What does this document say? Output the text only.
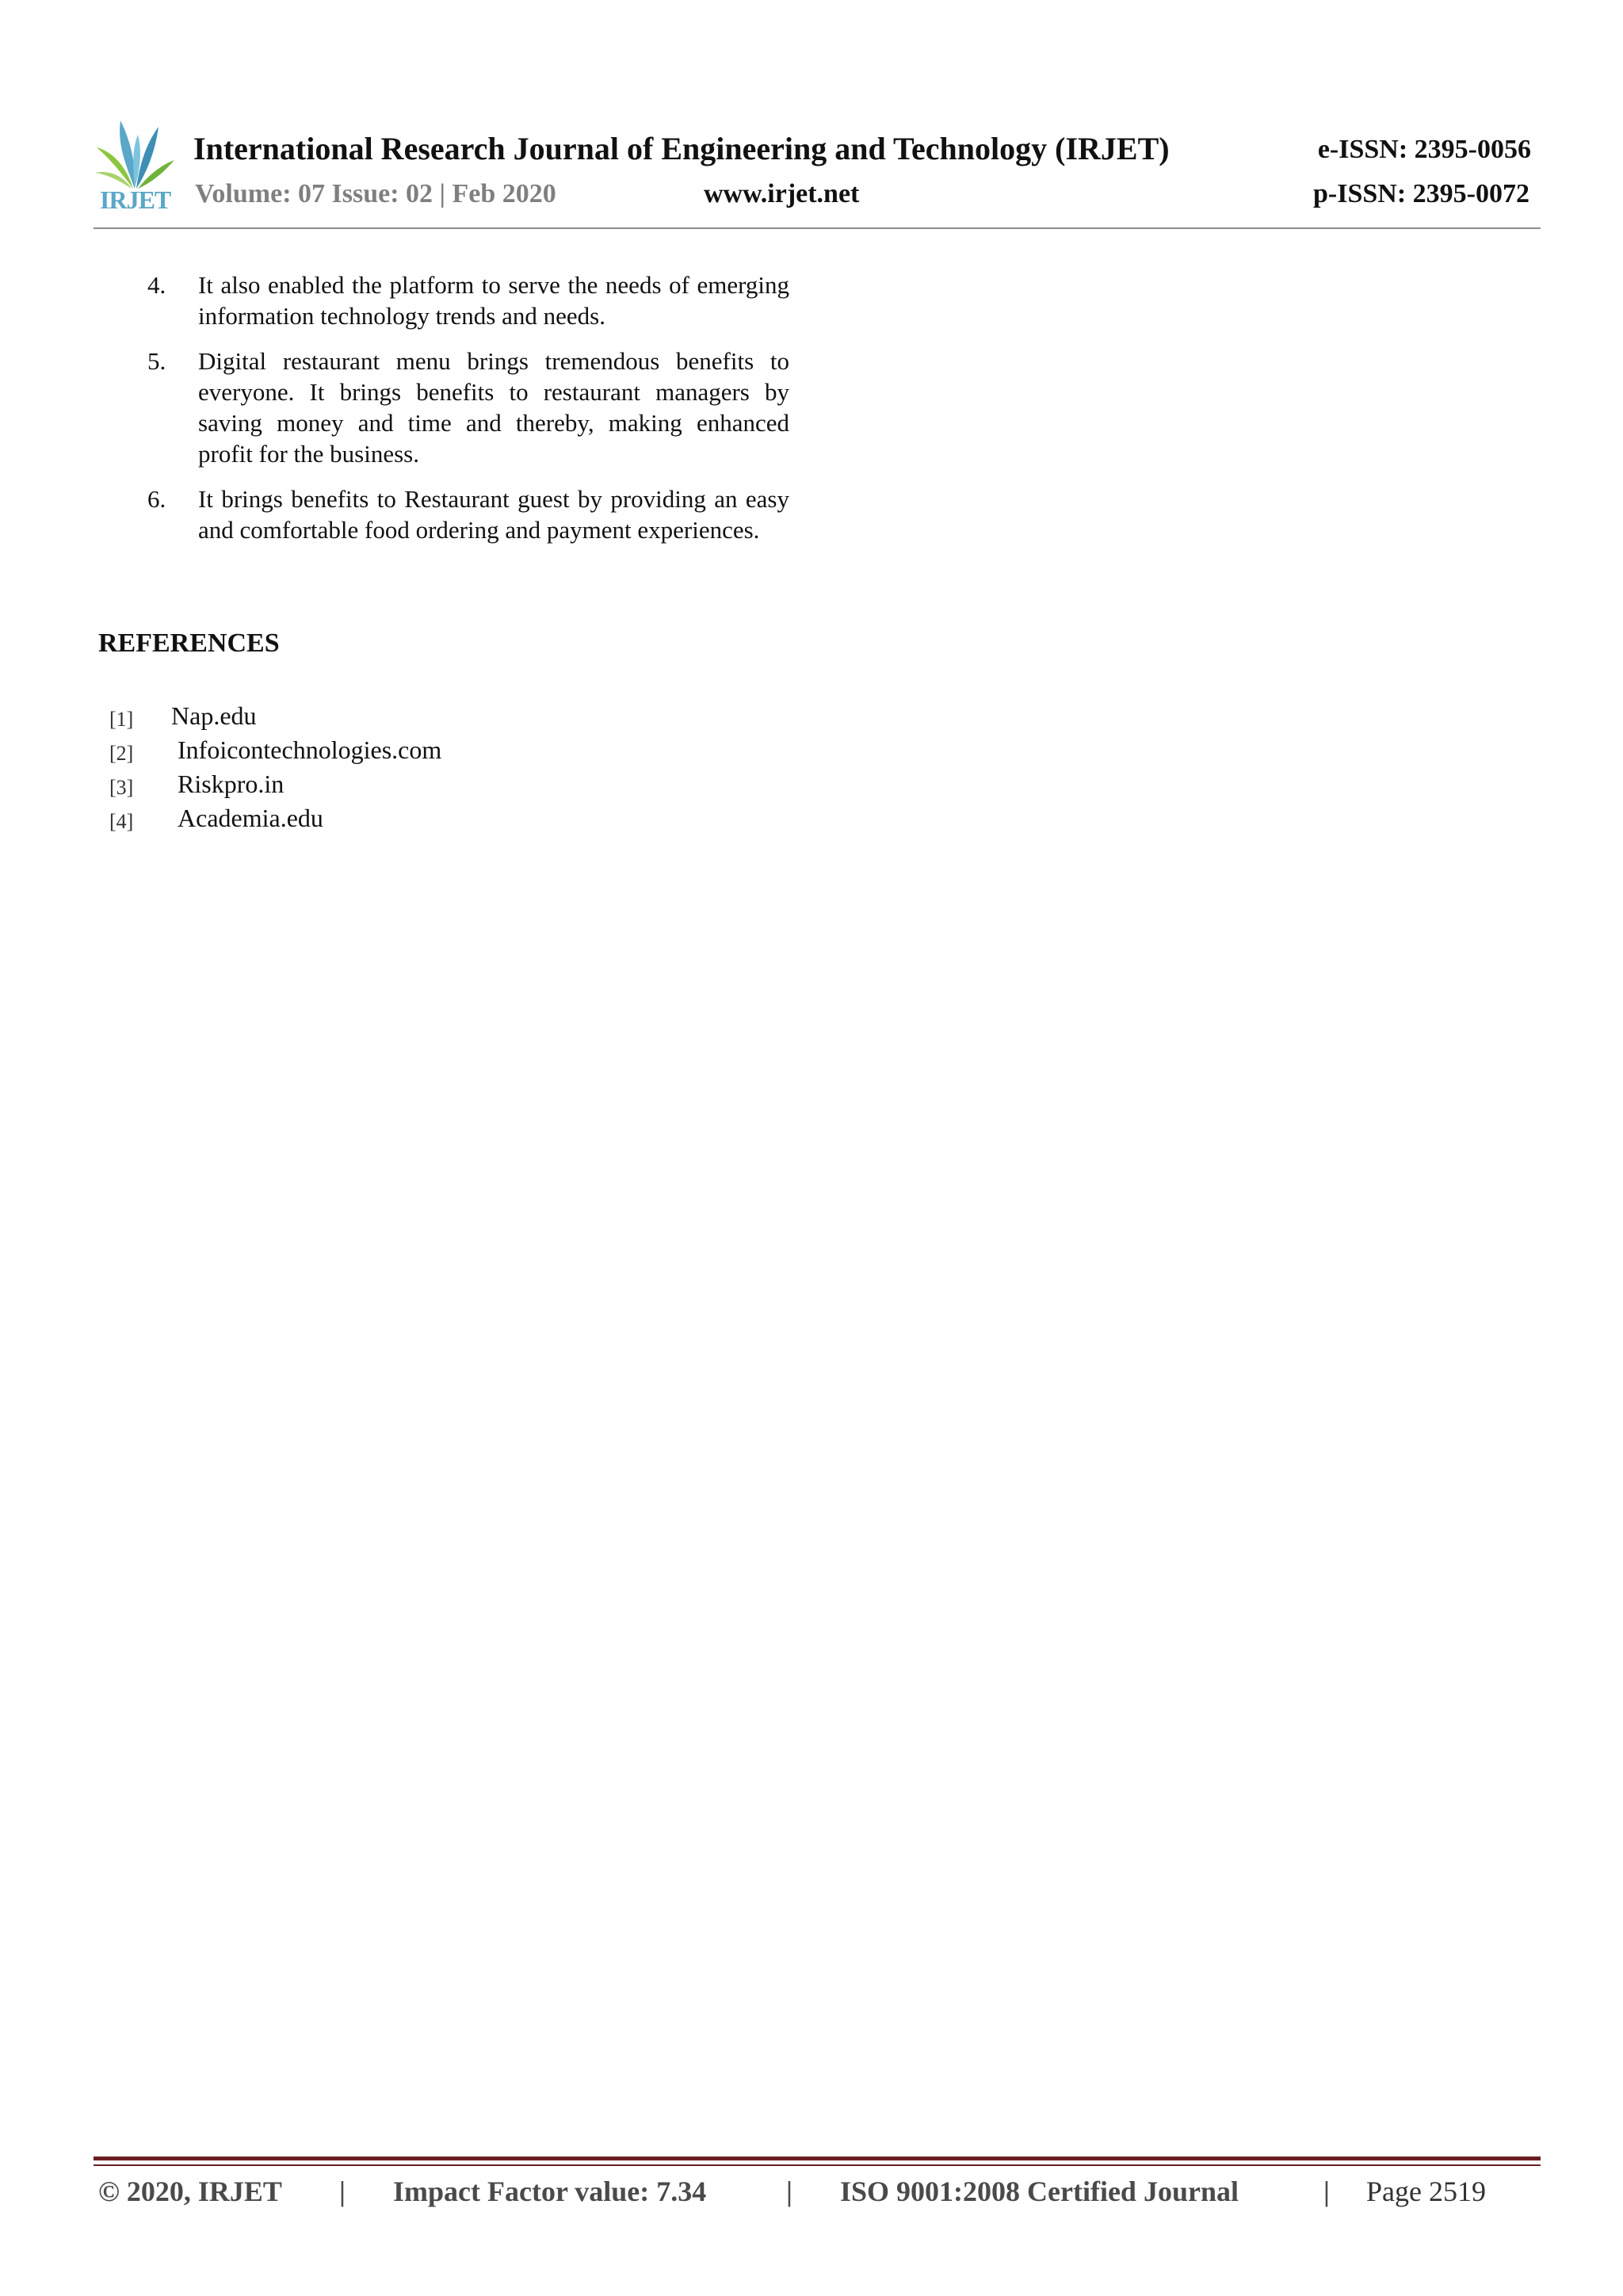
IRJET
International Research Journal of Engineering and Technology (IRJET)	e-ISSN: 2395-0056
Volume: 07 Issue: 02 | Feb 2020	www.irjet.net	p-ISSN: 2395-0072
4. It also enabled the platform to serve the needs of emerging information technology trends and needs.
5. Digital restaurant menu brings tremendous benefits to everyone. It brings benefits to restaurant managers by saving money and time and thereby, making enhanced profit for the business.
6. It brings benefits to Restaurant guest by providing an easy and comfortable food ordering and payment experiences.
REFERENCES
[1] Nap.edu
[2] Infoicontechnologies.com
[3] Riskpro.in
[4] Academia.edu
© 2020, IRJET | Impact Factor value: 7.34	| ISO 9001:2008 Certified Journal	| Page 2519
